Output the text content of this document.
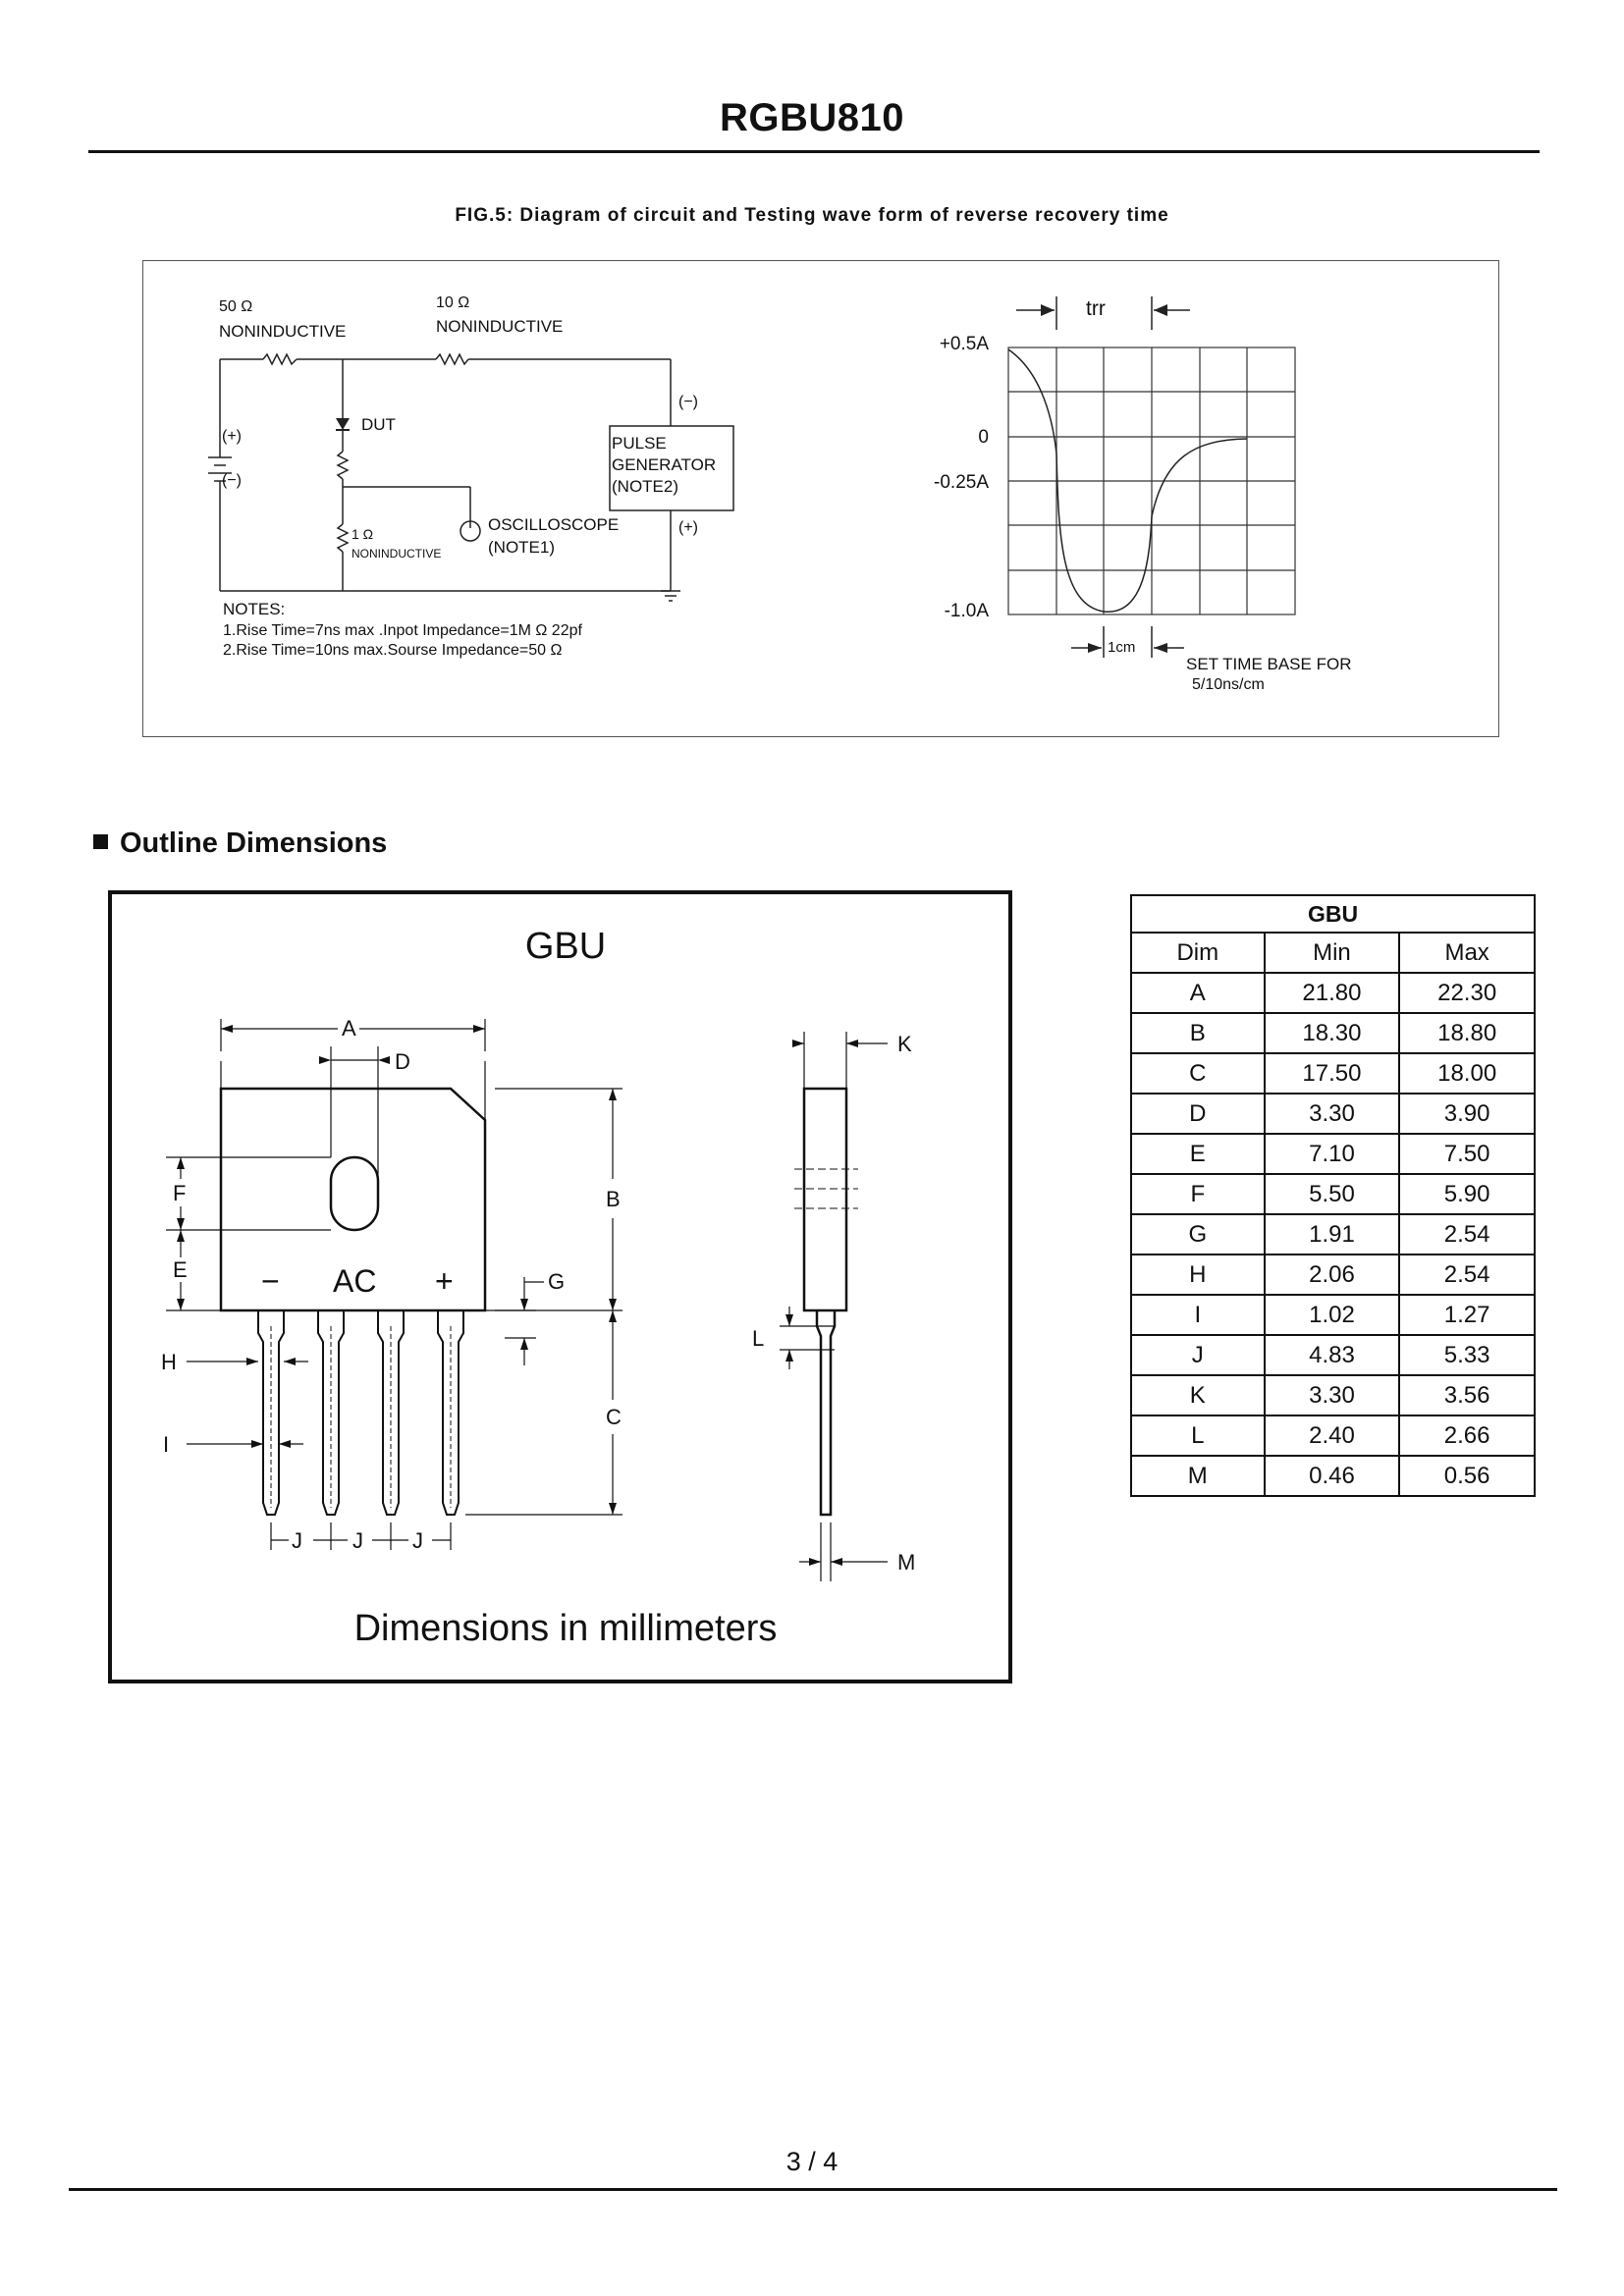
RGBU810
FIG.5: Diagram of circuit and Testing wave form of reverse recovery time
50 Ω
NONINDUCTIVE
10 Ω
NONINDUCTIVE
DUT
(+)
(−)
(−)
(+)
PULSE
GENERATOR
(NOTE2)
OSCILLOSCOPE
(NOTE1)
1 Ω
NONINDUCTIVE
NOTES:
1.Rise Time=7ns max .Inpot Impedance=1M Ω 22pf
2.Rise Time=10ns max.Sourse Impedance=50 Ω
trr
+0.5A
0
-0.25A
-1.0A
1cm
SET TIME BASE FOR
5/10ns/cm
Outline Dimensions
GBU
− AC +
A
D
B
C
F
E	G
H
I
J J J
K
L
M
Dimensions in millimeters
GBU		
Dim	Min	Max
A	21.80	22.30
B	18.30	18.80
C	17.50	18.00
D	3.30	3.90
E	7.10	7.50
F	5.50	5.90
G	1.91	2.54
H	2.06	2.54
I	1.02	1.27
J	4.83	5.33
K	3.30	3.56
L	2.40	2.66
M	0.46	0.56
3 / 4
